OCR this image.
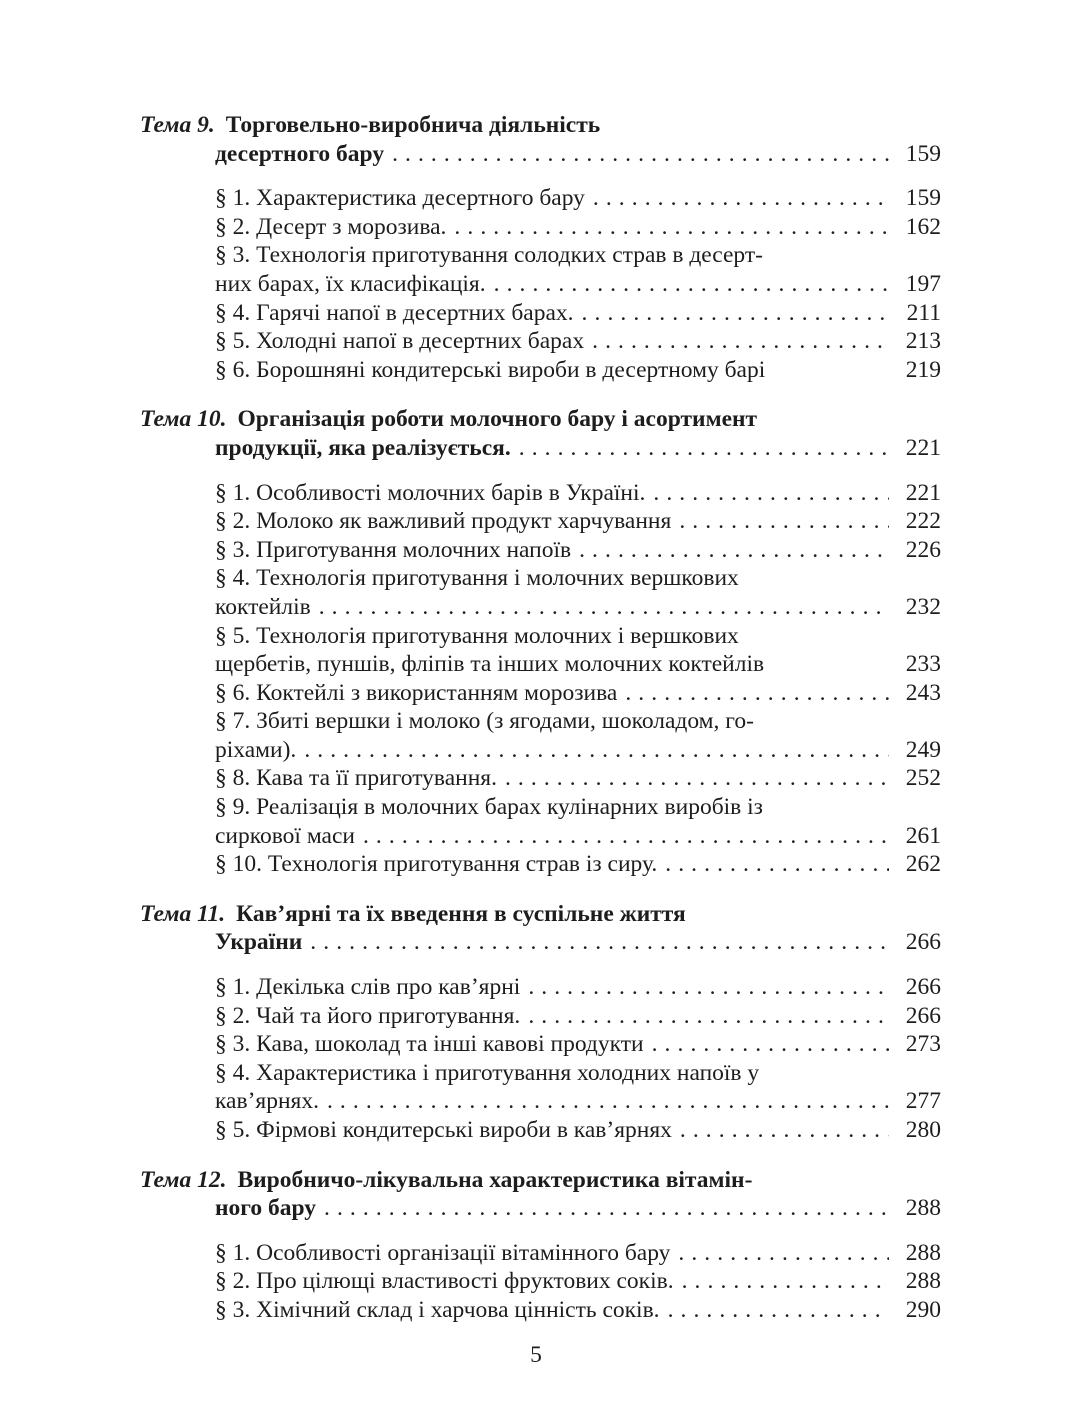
Тема 9. Торговельно-виробнича діяльність
десертного бару . . .	159
§ 1. Характеристика десертного бару . . .	159
§ 2. Десерт з морозива. . . .	162
§ 3. Технологія приготування солодких страв в десерт-
них барах, їх класифікація. . . .	197
§ 4. Гарячі напої в десертних барах. . . .	211
§ 5. Холодні напої в десертних барах . . .	213
§ 6. Борошняні кондитерські вироби в десертному барі	219
Тема 10. Організація роботи молочного бару і асортимент
продукції, яка реалізується. . . .	221
§ 1. Особливості молочних барів в Україні. . . .	221
§ 2. Молоко як важливий продукт харчування . . .	222
§ 3. Приготування молочних напоїв . . .	226
§ 4. Технологія приготування і молочних вершкових
коктейлів . . .	232
§ 5. Технологія приготування молочних і вершкових
щербетів, пуншів, фліпів та інших молочних коктейлів	233
§ 6. Коктейлі з використанням морозива . . .	243
§ 7. Збиті вершки і молоко (з ягодами, шоколадом, го-
ріхами). . . .	249
§ 8. Кава та її приготування. . . .	252
§ 9. Реалізація в молочних барах кулінарних виробів із
сиркової маси . . .	261
§ 10. Технологія приготування страв із сиру. . . .	262
Тема 11. Кав’ярні та їх введення в суспільне життя
України . . .	266
§ 1. Декілька слів про кав’ярні . . .	266
§ 2. Чай та його приготування. . . .	266
§ 3. Кава, шоколад та інші кавові продукти . . .	273
§ 4. Характеристика і приготування холодних напоїв у
кав’ярнях. . . .	277
§ 5. Фірмові кондитерські вироби в кав’ярнях . . .	280
Тема 12. Виробничо-лікувальна характеристика вітамін-
ного бару . . .	288
§ 1. Особливості організації вітамінного бару . . .	288
§ 2. Про цілющі властивості фруктових соків. . . .	288
§ 3. Хімічний склад і харчова цінність соків. . . .	290
5
